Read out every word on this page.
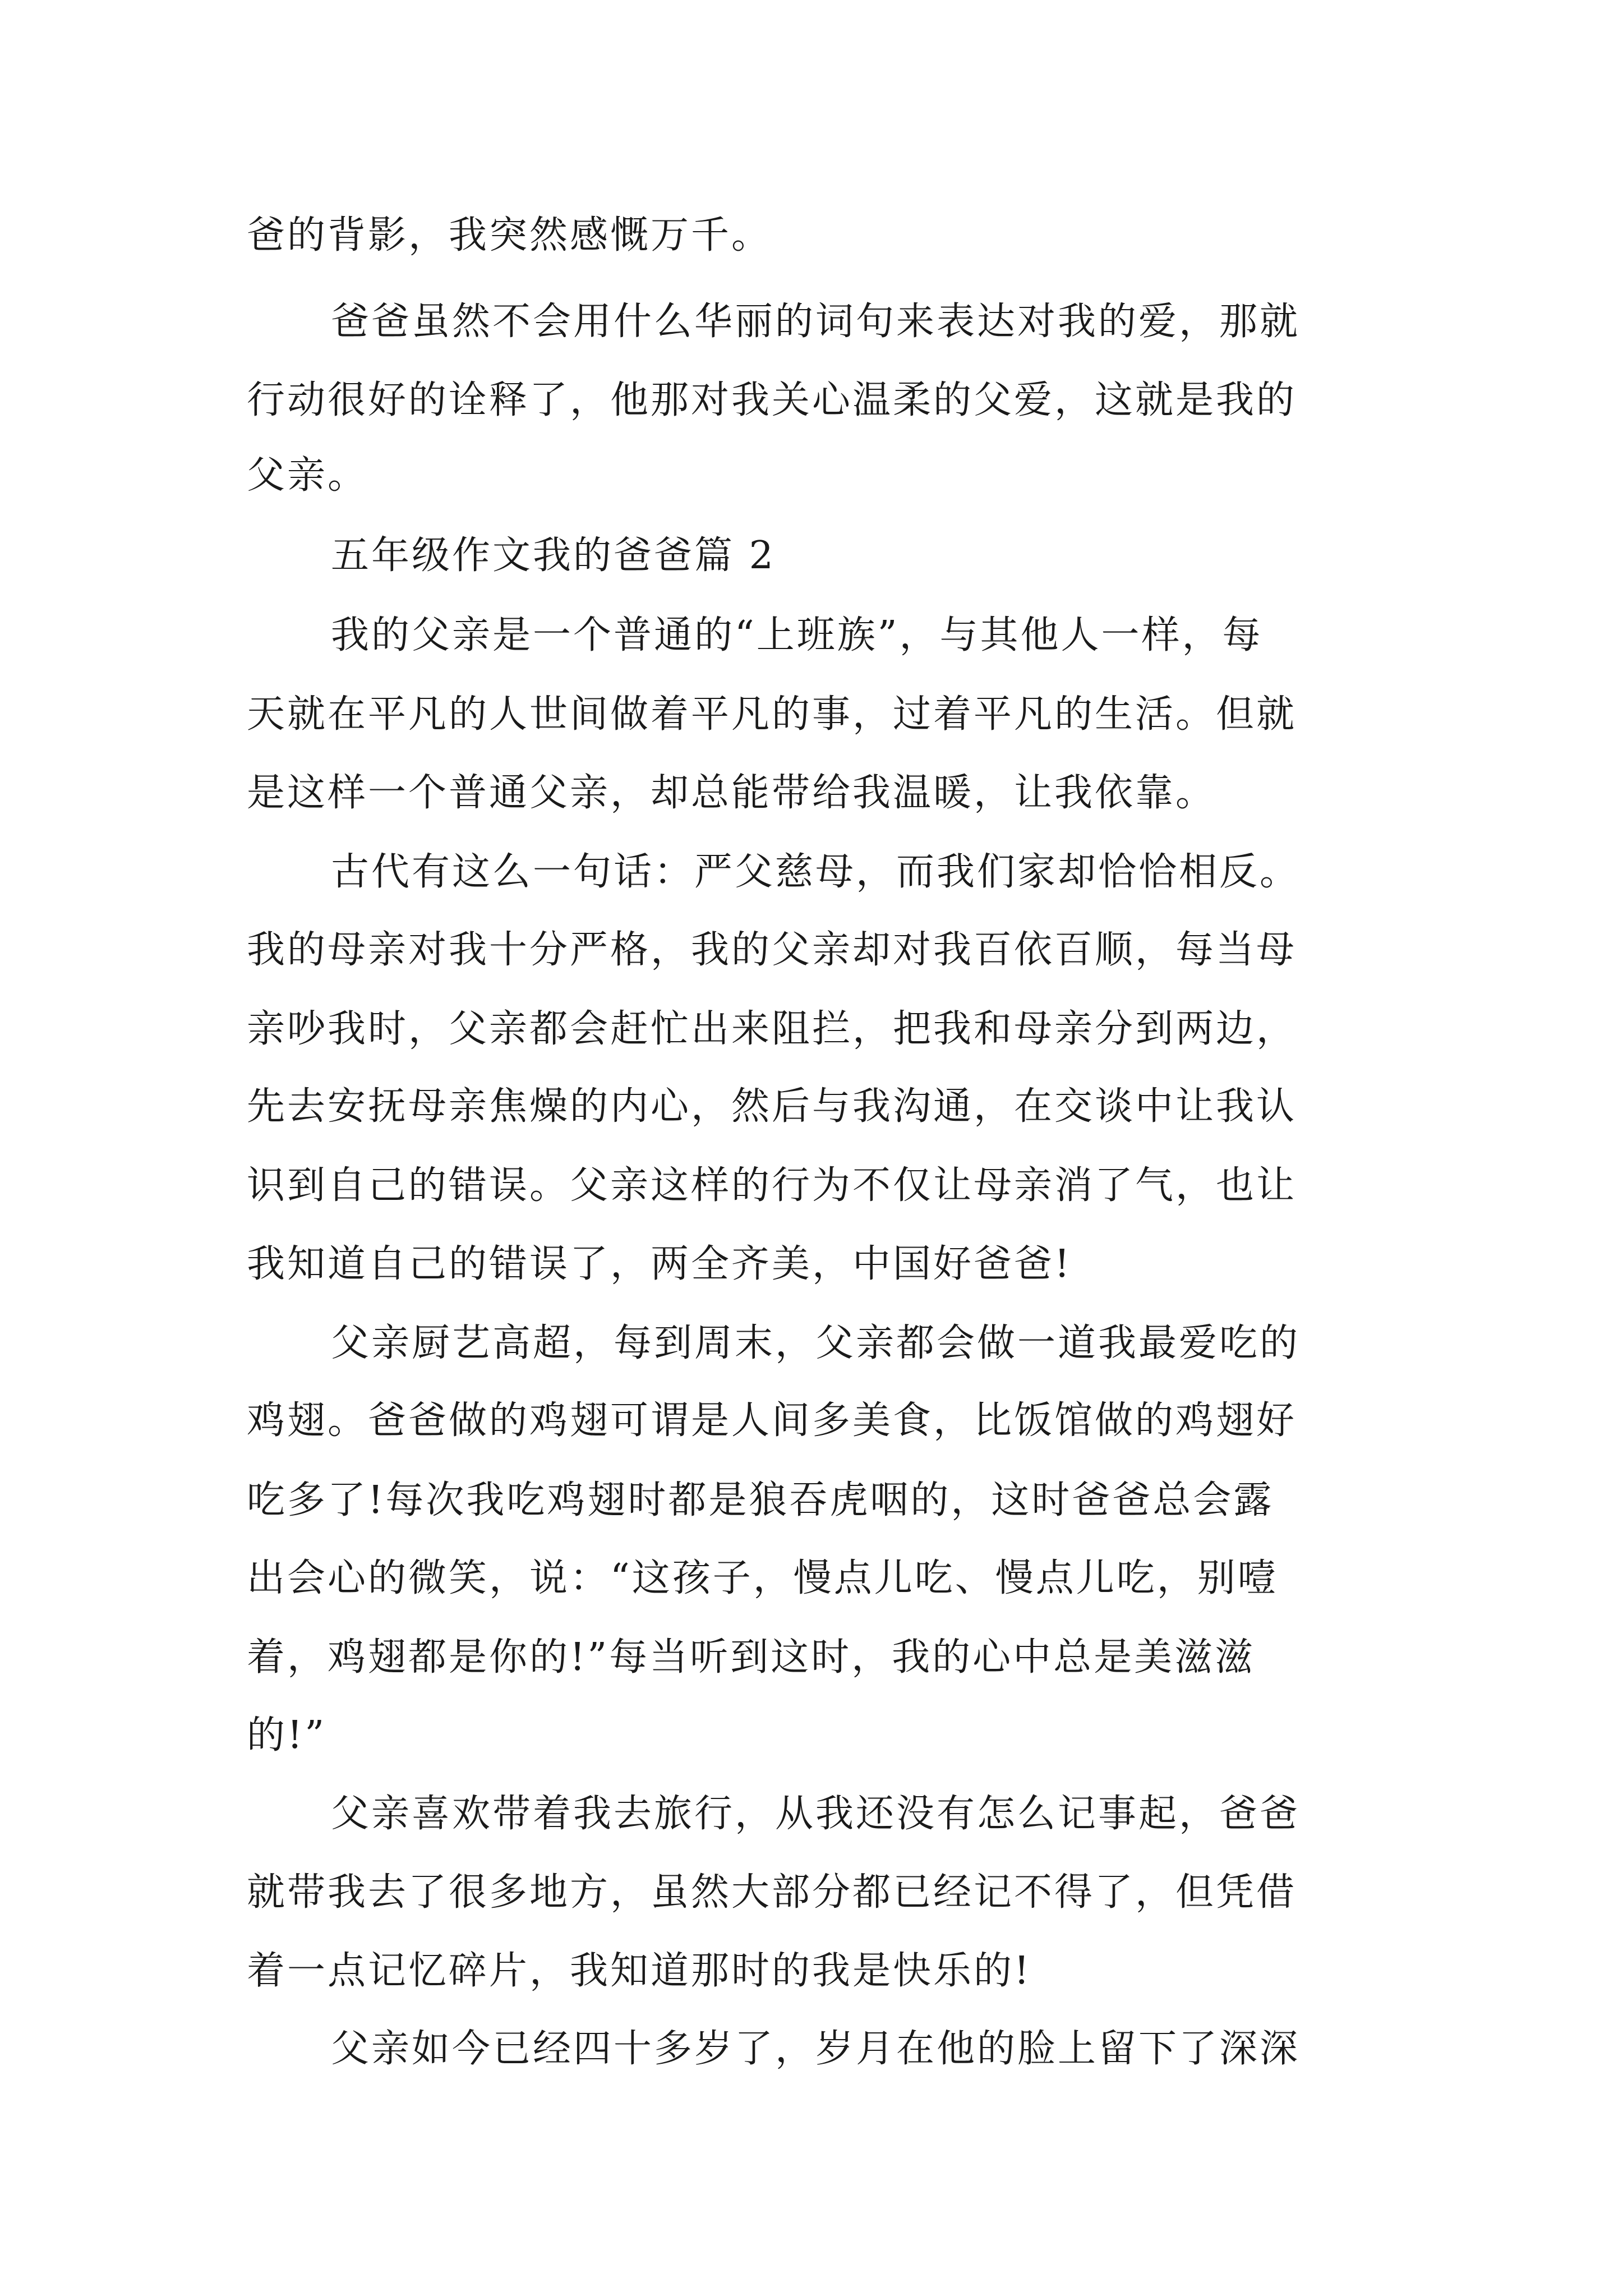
爸的背影，我突然感慨万千。
爸爸虽然不会用什么华丽的词句来表达对我的爱，那就
行动很好的诠释了，他那对我关心温柔的父爱，这就是我的
父亲。
五年级作文我的爸爸篇 2
我的父亲是一个普通的“上班族”，与其他人一样，每
天就在平凡的人世间做着平凡的事，过着平凡的生活。但就
是这样一个普通父亲，却总能带给我温暖，让我依靠。
古代有这么一句话：严父慈母，而我们家却恰恰相反。
我的母亲对我十分严格，我的父亲却对我百依百顺，每当母
亲吵我时，父亲都会赶忙出来阻拦，把我和母亲分到两边，
先去安抚母亲焦燥的内心，然后与我沟通，在交谈中让我认
识到自己的错误。父亲这样的行为不仅让母亲消了气，也让
我知道自己的错误了，两全齐美，中国好爸爸!
父亲厨艺高超，每到周末，父亲都会做一道我最爱吃的
鸡翅。爸爸做的鸡翅可谓是人间多美食，比饭馆做的鸡翅好
吃多了!每次我吃鸡翅时都是狼吞虎咽的，这时爸爸总会露
出会心的微笑，说：“这孩子，慢点儿吃、慢点儿吃，别噎
着，鸡翅都是你的!”每当听到这时，我的心中总是美滋滋
的!”
父亲喜欢带着我去旅行，从我还没有怎么记事起，爸爸
就带我去了很多地方，虽然大部分都已经记不得了，但凭借
着一点记忆碎片，我知道那时的我是快乐的!
父亲如今已经四十多岁了，岁月在他的脸上留下了深深
